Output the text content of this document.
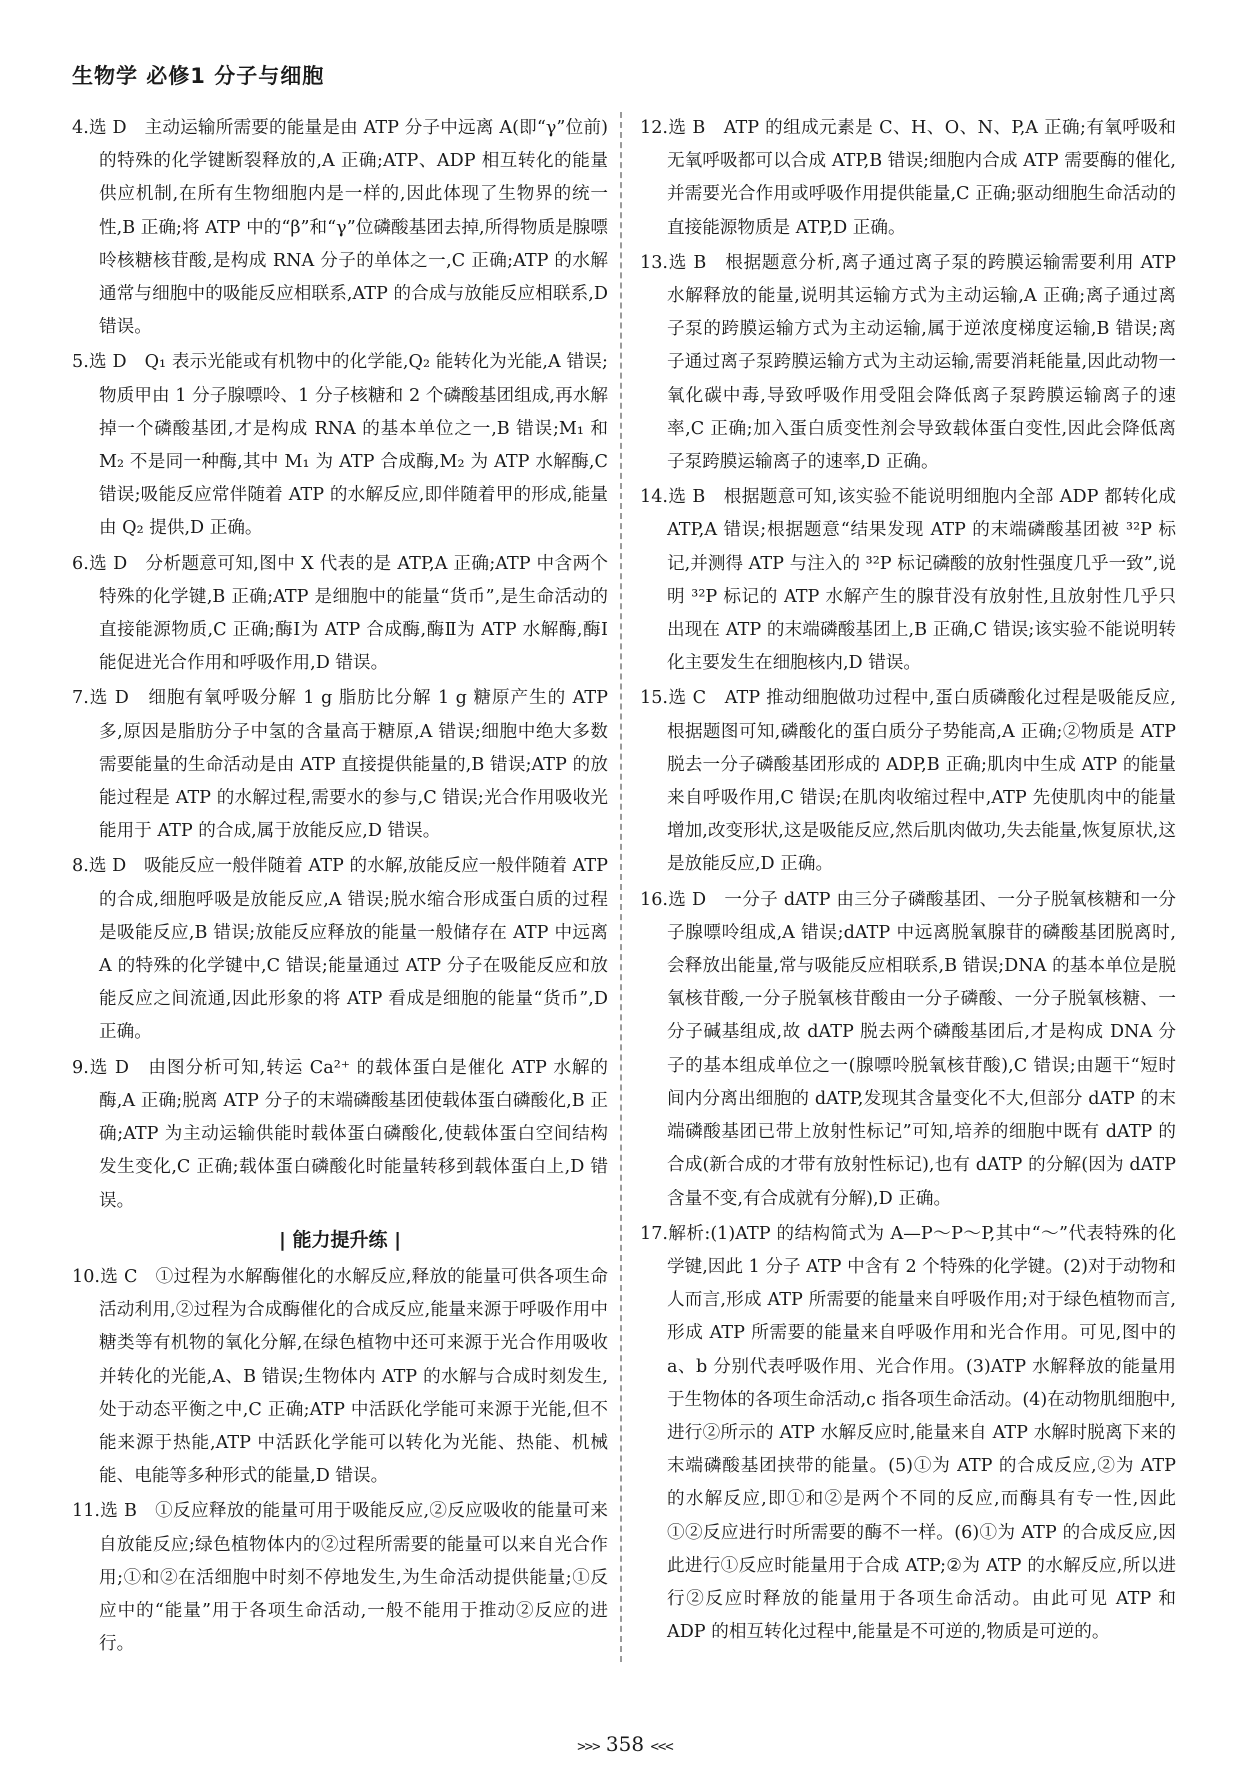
生物学 必修1 分子与细胞
4.选 D　主动运输所需要的能量是由 ATP 分子中远离 A(即“γ”位前)的特殊的化学键断裂释放的,A 正确;ATP、ADP 相互转化的能量供应机制,在所有生物细胞内是一样的,因此体现了生物界的统一性,B 正确;将 ATP 中的“β”和“γ”位磷酸基团去掉,所得物质是腺嘌呤核糖核苷酸,是构成 RNA 分子的单体之一,C 正确;ATP 的水解通常与细胞中的吸能反应相联系,ATP 的合成与放能反应相联系,D 错误。
5.选 D　Q₁ 表示光能或有机物中的化学能,Q₂ 能转化为光能,A 错误;物质甲由 1 分子腺嘌呤、1 分子核糖和 2 个磷酸基团组成,再水解掉一个磷酸基团,才是构成 RNA 的基本单位之一,B 错误;M₁ 和 M₂ 不是同一种酶,其中 M₁ 为 ATP 合成酶,M₂ 为 ATP 水解酶,C 错误;吸能反应常伴随着 ATP 的水解反应,即伴随着甲的形成,能量由 Q₂ 提供,D 正确。
6.选 D　分析题意可知,图中 X 代表的是 ATP,A 正确;ATP 中含两个特殊的化学键,B 正确;ATP 是细胞中的能量“货币”,是生命活动的直接能源物质,C 正确;酶Ⅰ为 ATP 合成酶,酶Ⅱ为 ATP 水解酶,酶Ⅰ能促进光合作用和呼吸作用,D 错误。
7.选 D　细胞有氧呼吸分解 1 g 脂肪比分解 1 g 糖原产生的 ATP 多,原因是脂肪分子中氢的含量高于糖原,A 错误;细胞中绝大多数需要能量的生命活动是由 ATP 直接提供能量的,B 错误;ATP 的放能过程是 ATP 的水解过程,需要水的参与,C 错误;光合作用吸收光能用于 ATP 的合成,属于放能反应,D 错误。
8.选 D　吸能反应一般伴随着 ATP 的水解,放能反应一般伴随着 ATP 的合成,细胞呼吸是放能反应,A 错误;脱水缩合形成蛋白质的过程是吸能反应,B 错误;放能反应释放的能量一般储存在 ATP 中远离 A 的特殊的化学键中,C 错误;能量通过 ATP 分子在吸能反应和放能反应之间流通,因此形象的将 ATP 看成是细胞的能量“货币”,D 正确。
9.选 D　由图分析可知,转运 Ca²⁺ 的载体蛋白是催化 ATP 水解的酶,A 正确;脱离 ATP 分子的末端磷酸基团使载体蛋白磷酸化,B 正确;ATP 为主动运输供能时载体蛋白磷酸化,使载体蛋白空间结构发生变化,C 正确;载体蛋白磷酸化时能量转移到载体蛋白上,D 错误。
| 能力提升练 |
10.选 C　①过程为水解酶催化的水解反应,释放的能量可供各项生命活动利用,②过程为合成酶催化的合成反应,能量来源于呼吸作用中糖类等有机物的氧化分解,在绿色植物中还可来源于光合作用吸收并转化的光能,A、B 错误;生物体内 ATP 的水解与合成时刻发生,处于动态平衡之中,C 正确;ATP 中活跃化学能可来源于光能,但不能来源于热能,ATP 中活跃化学能可以转化为光能、热能、机械能、电能等多种形式的能量,D 错误。
11.选 B　①反应释放的能量可用于吸能反应,②反应吸收的能量可来自放能反应;绿色植物体内的②过程所需要的能量可以来自光合作用;①和②在活细胞中时刻不停地发生,为生命活动提供能量;①反应中的“能量”用于各项生命活动,一般不能用于推动②反应的进行。
12.选 B　ATP 的组成元素是 C、H、O、N、P,A 正确;有氧呼吸和无氧呼吸都可以合成 ATP,B 错误;细胞内合成 ATP 需要酶的催化,并需要光合作用或呼吸作用提供能量,C 正确;驱动细胞生命活动的直接能源物质是 ATP,D 正确。
13.选 B　根据题意分析,离子通过离子泵的跨膜运输需要利用 ATP 水解释放的能量,说明其运输方式为主动运输,A 正确;离子通过离子泵的跨膜运输方式为主动运输,属于逆浓度梯度运输,B 错误;离子通过离子泵跨膜运输方式为主动运输,需要消耗能量,因此动物一氧化碳中毒,导致呼吸作用受阻会降低离子泵跨膜运输离子的速率,C 正确;加入蛋白质变性剂会导致载体蛋白变性,因此会降低离子泵跨膜运输离子的速率,D 正确。
14.选 B　根据题意可知,该实验不能说明细胞内全部 ADP 都转化成 ATP,A 错误;根据题意“结果发现 ATP 的末端磷酸基团被 ³²P 标记,并测得 ATP 与注入的 ³²P 标记磷酸的放射性强度几乎一致”,说明 ³²P 标记的 ATP 水解产生的腺苷没有放射性,且放射性几乎只出现在 ATP 的末端磷酸基团上,B 正确,C 错误;该实验不能说明转化主要发生在细胞核内,D 错误。
15.选 C　ATP 推动细胞做功过程中,蛋白质磷酸化过程是吸能反应,根据题图可知,磷酸化的蛋白质分子势能高,A 正确;②物质是 ATP 脱去一分子磷酸基团形成的 ADP,B 正确;肌肉中生成 ATP 的能量来自呼吸作用,C 错误;在肌肉收缩过程中,ATP 先使肌肉中的能量增加,改变形状,这是吸能反应,然后肌肉做功,失去能量,恢复原状,这是放能反应,D 正确。
16.选 D　一分子 dATP 由三分子磷酸基团、一分子脱氧核糖和一分子腺嘌呤组成,A 错误;dATP 中远离脱氧腺苷的磷酸基团脱离时,会释放出能量,常与吸能反应相联系,B 错误;DNA 的基本单位是脱氧核苷酸,一分子脱氧核苷酸由一分子磷酸、一分子脱氧核糖、一分子碱基组成,故 dATP 脱去两个磷酸基团后,才是构成 DNA 分子的基本组成单位之一(腺嘌呤脱氧核苷酸),C 错误;由题干“短时间内分离出细胞的 dATP,发现其含量变化不大,但部分 dATP 的末端磷酸基团已带上放射性标记”可知,培养的细胞中既有 dATP 的合成(新合成的才带有放射性标记),也有 dATP 的分解(因为 dATP 含量不变,有合成就有分解),D 正确。
17.解析:(1)ATP 的结构简式为 A—P～P～P,其中“～”代表特殊的化学键,因此 1 分子 ATP 中含有 2 个特殊的化学键。(2)对于动物和人而言,形成 ATP 所需要的能量来自呼吸作用;对于绿色植物而言,形成 ATP 所需要的能量来自呼吸作用和光合作用。可见,图中的 a、b 分别代表呼吸作用、光合作用。(3)ATP 水解释放的能量用于生物体的各项生命活动,c 指各项生命活动。(4)在动物肌细胞中,进行②所示的 ATP 水解反应时,能量来自 ATP 水解时脱离下来的末端磷酸基团挟带的能量。(5)①为 ATP 的合成反应,②为 ATP 的水解反应,即①和②是两个不同的反应,而酶具有专一性,因此①②反应进行时所需要的酶不一样。(6)①为 ATP 的合成反应,因此进行①反应时能量用于合成 ATP;②为 ATP 的水解反应,所以进行②反应时释放的能量用于各项生命活动。由此可见 ATP 和 ADP 的相互转化过程中,能量是不可逆的,物质是可逆的。
>>> 358 <<<
